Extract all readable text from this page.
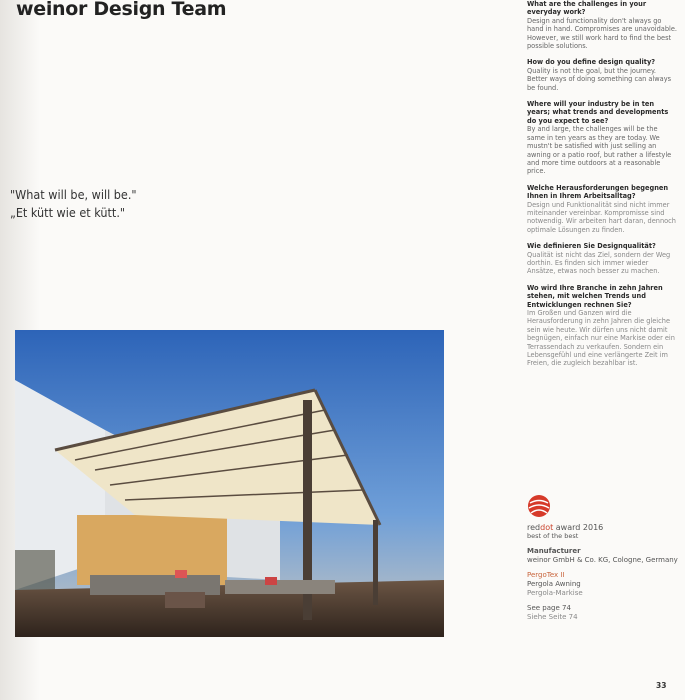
weinor Design Team
"What will be, will be."
„Et kütt wie et kütt."
What are the challenges in your everyday work?
Design and functionality don't always go hand in hand. Compromises are unavoidable. However, we still work hard to find the best possible solutions.
How do you define design quality?
Quality is not the goal, but the journey. Better ways of doing something can always be found.
Where will your industry be in ten years; what trends and developments do you expect to see?
By and large, the challenges will be the same in ten years as they are today. We mustn't be satisfied with just selling an awning or a patio roof, but rather a lifestyle and more time outdoors at a reasonable price.
Welche Herausforderungen begegnen Ihnen in Ihrem Arbeitsalltag?
Design und Funktionalität sind nicht immer miteinander vereinbar. Kompromisse sind notwendig. Wir arbeiten hart daran, dennoch optimale Lösungen zu finden.
Wie definieren Sie Designqualität?
Qualität ist nicht das Ziel, sondern der Weg dorthin. Es finden sich immer wieder Ansätze, etwas noch besser zu machen.
Wo wird Ihre Branche in zehn Jahren stehen, mit welchen Trends und Entwicklungen rechnen Sie?
Im Großen und Ganzen wird die Herausforderung in zehn Jahren die gleiche sein wie heute. Wir dürfen uns nicht damit begnügen, einfach nur eine Markise oder ein Terrassendach zu verkaufen. Sondern ein Lebensgefühl und eine verlängerte Zeit im Freien, die zugleich bezahlbar ist.
reddot award 2016
best of the best
Manufacturer
weinor GmbH & Co. KG, Cologne, Germany
PergoTex II
Pergola Awning
Pergola-Markise
See page 74
Siehe Seite 74
33
